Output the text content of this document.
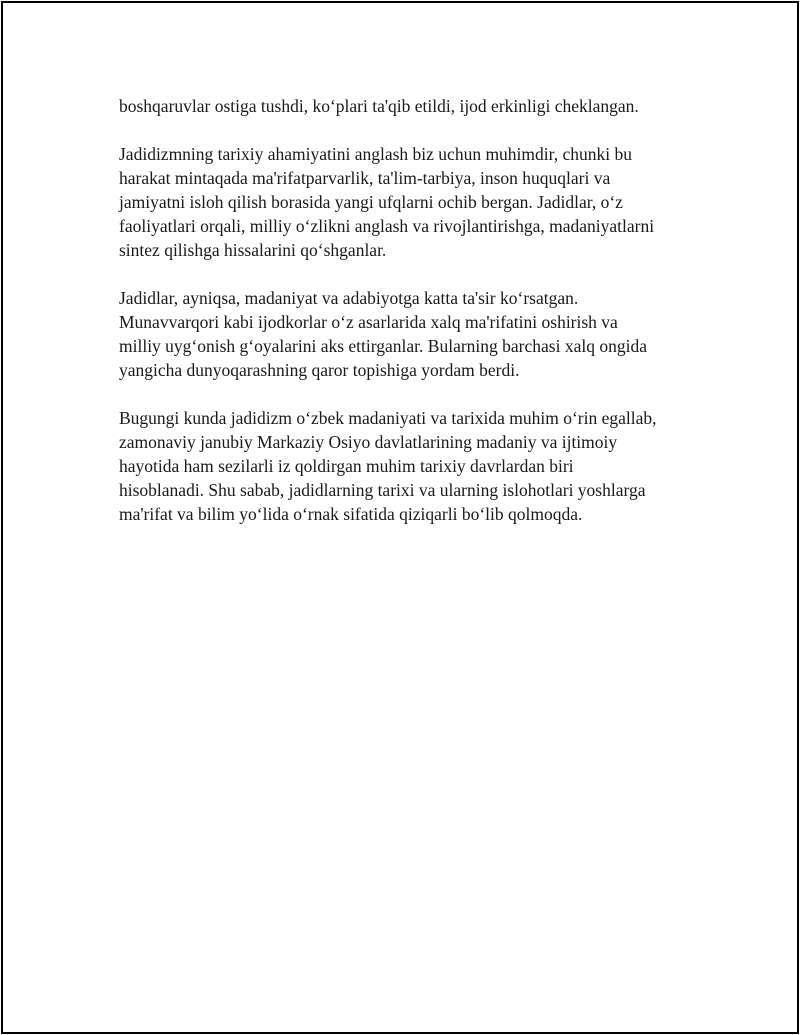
boshqaruvlar ostiga tushdi, koʻplari ta'qib etildi, ijod erkinligi cheklangan.

Jadidizmning tarixiy ahamiyatini anglash biz uchun muhimdir, chunki bu
harakat mintaqada ma'rifatparvarlik, ta'lim-tarbiya, inson huquqlari va
jamiyatni isloh qilish borasida yangi ufqlarni ochib bergan. Jadidlar, oʻz
faoliyatlari orqali, milliy oʻzlikni anglash va rivojlantirishga, madaniyatlarni
sintez qilishga hissalarini qoʻshganlar.

Jadidlar, ayniqsa, madaniyat va adabiyotga katta ta'sir koʻrsatgan.
Munavvarqori kabi ijodkorlar oʻz asarlarida xalq ma'rifatini oshirish va
milliy uygʻonish gʻoyalarini aks ettirganlar. Bularning barchasi xalq ongida
yangicha dunyoqarashning qaror topishiga yordam berdi.

Bugungi kunda jadidizm oʻzbek madaniyati va tarixida muhim oʻrin egallab,
zamonaviy janubiy Markaziy Osiyo davlatlarining madaniy va ijtimoiy
hayotida ham sezilarli iz qoldirgan muhim tarixiy davrlardan biri
hisoblanadi. Shu sabab, jadidlarning tarixi va ularning islohotlari yoshlarga
ma'rifat va bilim yoʻlida oʻrnak sifatida qiziqarli boʻlib qolmoqda.
